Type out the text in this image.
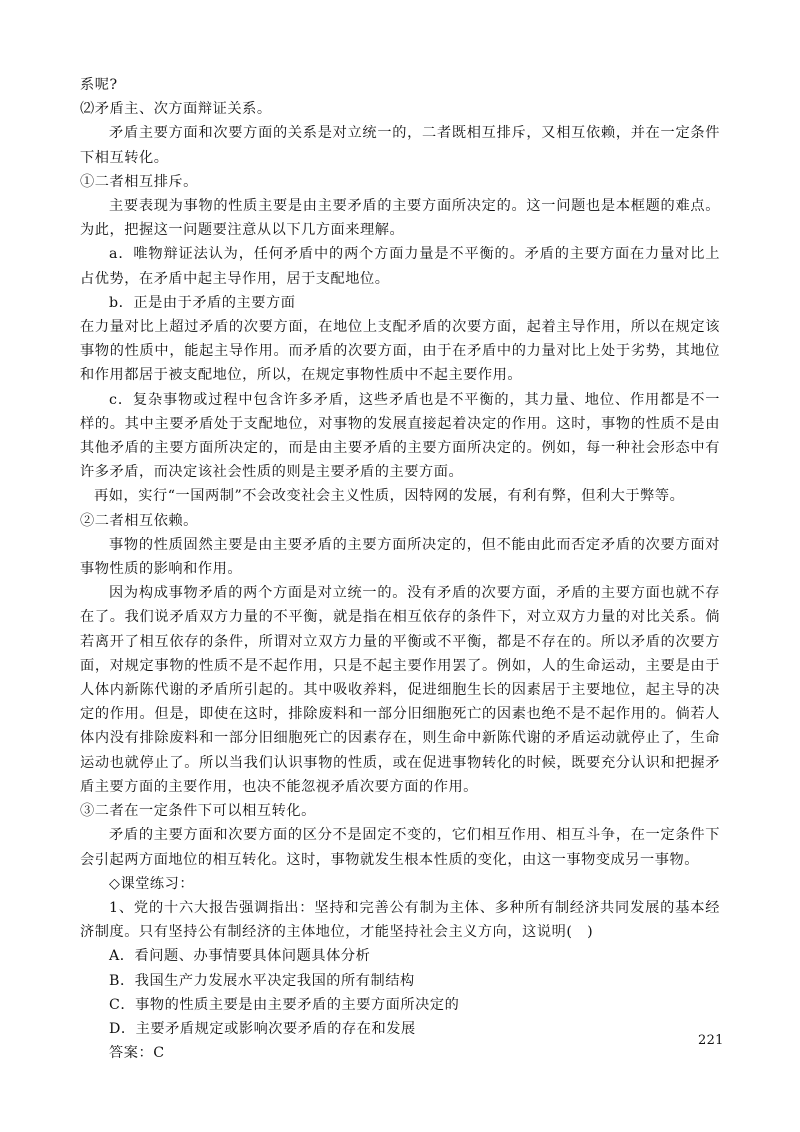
系呢?

⑵矛盾主、次方面辩证关系。

矛盾主要方面和次要方面的关系是对立统一的，二者既相互排斥，又相互依赖，并在一定条件下相互转化。

①二者相互排斥。

主要表现为事物的性质主要是由主要矛盾的主要方面所决定的。这一问题也是本框题的难点。为此，把握这一问题要注意从以下几方面来理解。

a．唯物辩证法认为，任何矛盾中的两个方面力量是不平衡的。矛盾的主要方面在力量对比上占优势，在矛盾中起主导作用，居于支配地位。

b．正是由于矛盾的主要方面

在力量对比上超过矛盾的次要方面，在地位上支配矛盾的次要方面，起着主导作用，所以在规定该事物的性质中，能起主导作用。而矛盾的次要方面，由于在矛盾中的力量对比上处于劣势，其地位和作用都居于被支配地位，所以，在规定事物性质中不起主要作用。

c．复杂事物或过程中包含许多矛盾，这些矛盾也是不平衡的，其力量、地位、作用都是不一样的。其中主要矛盾处于支配地位，对事物的发展直接起着决定的作用。这时，事物的性质不是由其他矛盾的主要方面所决定的，而是由主要矛盾的主要方面所决定的。例如，每一种社会形态中有许多矛盾，而决定该社会性质的则是主要矛盾的主要方面。

再如，实行“一国两制”不会改变社会主义性质，因特网的发展，有利有弊，但利大于弊等。

②二者相互依赖。

事物的性质固然主要是由主要矛盾的主要方面所决定的，但不能由此而否定矛盾的次要方面对事物性质的影响和作用。

因为构成事物矛盾的两个方面是对立统一的。没有矛盾的次要方面，矛盾的主要方面也就不存在了。我们说矛盾双方力量的不平衡，就是指在相互依存的条件下，对立双方力量的对比关系。倘若离开了相互依存的条件，所谓对立双方力量的平衡或不平衡，都是不存在的。所以矛盾的次要方面，对规定事物的性质不是不起作用，只是不起主要作用罢了。例如，人的生命运动，主要是由于人体内新陈代谢的矛盾所引起的。其中吸收养料，促进细胞生长的因素居于主要地位，起主导的决定的作用。但是，即使在这时，排除废料和一部分旧细胞死亡的因素也绝不是不起作用的。倘若人体内没有排除废料和一部分旧细胞死亡的因素存在，则生命中新陈代谢的矛盾运动就停止了，生命运动也就停止了。所以当我们认识事物的性质，或在促进事物转化的时候，既要充分认识和把握矛盾主要方面的主要作用，也决不能忽视矛盾次要方面的作用。

③二者在一定条件下可以相互转化。

矛盾的主要方面和次要方面的区分不是固定不变的，它们相互作用、相互斗争，在一定条件下会引起两方面地位的相互转化。这时，事物就发生根本性质的变化，由这一事物变成另一事物。

◇课堂练习：

1、党的十六大报告强调指出：坚持和完善公有制为主体、多种所有制经济共同发展的基本经济制度。只有坚持公有制经济的主体地位，才能坚持社会主义方向，这说明(　)

A．看问题、办事情要具体问题具体分析

B．我国生产力发展水平决定我国的所有制结构

C．事物的性质主要是由主要矛盾的主要方面所决定的

D．主要矛盾规定或影响次要矛盾的存在和发展

答案：C

221
